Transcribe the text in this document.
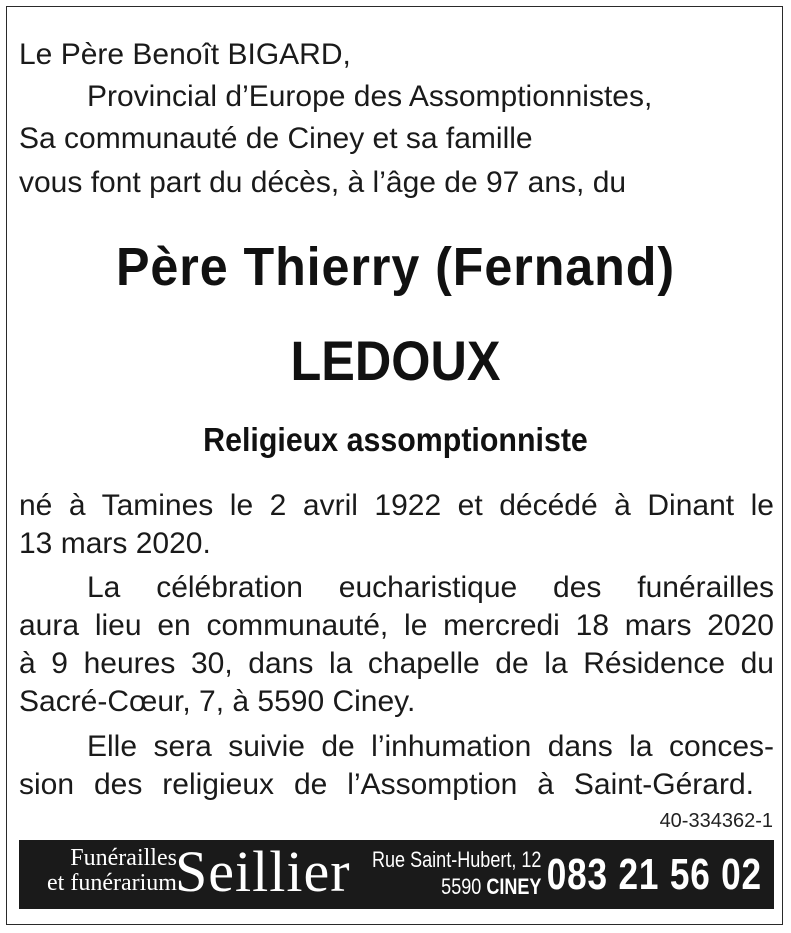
Le Père Benoît BIGARD,
Provincial d’Europe des Assomptionnistes,
Sa communauté de Ciney et sa famille
vous font part du décès, à l’âge de 97 ans, du
Père Thierry (Fernand)
LEDOUX
Religieux assomptionniste
né à Tamines le 2 avril 1922 et décédé à Dinant le
13 mars 2020.
La célébration eucharistique des funérailles
aura lieu en communauté, le mercredi 18 mars 2020
à 9 heures 30, dans la chapelle de la Résidence du
Sacré-Cœur, 7, à 5590 Ciney.
Elle sera suivie de l’inhumation dans la conces-
sion des religieux de l’Assomption à Saint-Gérard.
40-334362-1
Funérailles
et funérarium
Seillier Rue Saint-Hubert, 12
5590 CINEY 083 21 56 02
